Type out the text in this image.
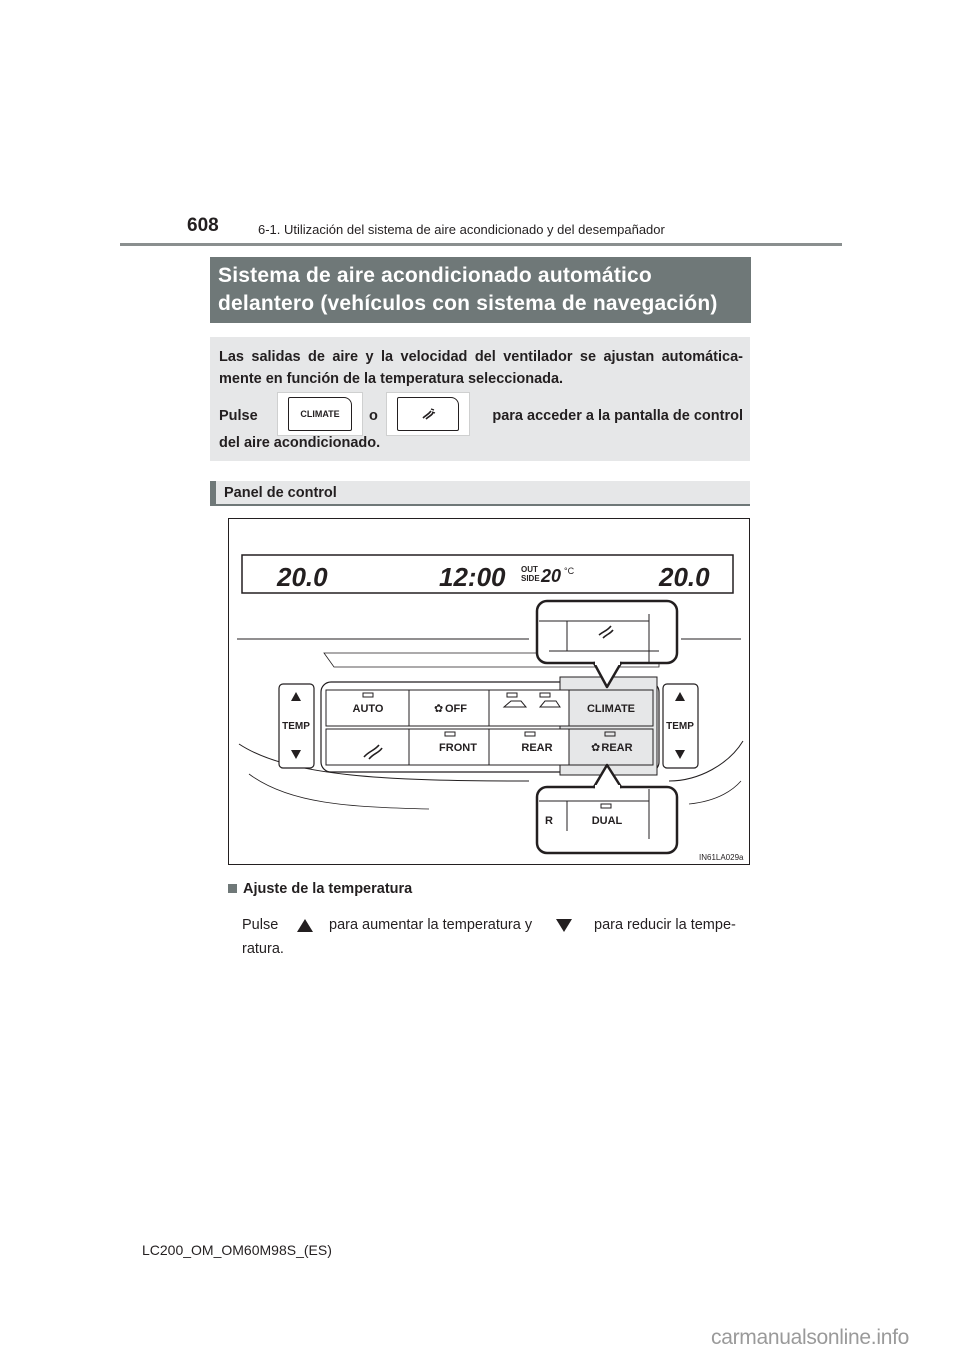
608	6-1. Utilización del sistema de aire acondicionado y del desempañador
Sistema de aire acondicionado automático
delantero (vehículos con sistema de navegación)
Las salidas de aire y la velocidad del ventilador se ajustan automática-mente en función de la temperatura seleccionada.
Pulse	CLIMATE	o	para acceder a la pantalla de control
del aire acondicionado.
Panel de control
20.0	12:00 OUT
SIDE 20 °C	20.0
TEMP	TEMP
AUTO	OFF
✿	CLIMATE
FRONT	REAR	REAR
✿
DUAL
R
IN61LA029a
Ajuste de la temperatura
Pulse	para aumentar la temperatura y	para reducir la tempe-
ratura.
LC200_OM_OM60M98S_(ES)
carmanualsonline.info
